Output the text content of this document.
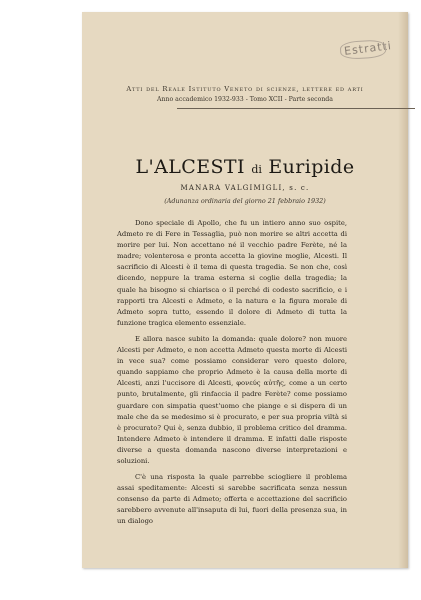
Estratti
Atti del Reale Istituto Veneto di scienze, lettere ed arti
Anno accademico 1932-933 - Tomo XCII - Parte seconda
L'ALCESTI di Euripide
MANARA VALGIMIGLI, s. c.
(Adunanza ordinaria del giorno 21 febbraio 1932)

Dono speciale di Apollo, che fu un intiero anno suo ospite, Admeto re di Fere in Tessaglia, può non morire se altri accetta di morire per lui. Non accettano né il vecchio padre Ferète, né la madre; volenterosa e pronta accetta la giovine moglie, Alcesti. Il sacrificio di Alcesti è il tema di questa tragedia. Se non che, così dicendo, neppure la trama esterna si coglie della tragedia; la quale ha bisogno si chiarisca o il perché di codesto sacrificio, e i rapporti tra Alcesti e Admeto, e la natura e la figura morale di Admeto sopra tutto, essendo il dolore di Admeto di tutta la funzione tragica elemento essenziale.

E allora nasce subito la domanda: quale dolore? non muore Alcesti per Admeto, e non accetta Admeto questa morte di Alcesti in vece sua? come possiamo considerar vero questo dolore, quando sappiamo che proprio Admeto è la causa della morte di Alcesti, anzi l'uccisore di Alcesti, φονεύς αὐτῆς, come a un certo punto, brutalmente, gli rinfaccia il padre Ferète? come possiamo guardare con simpatia quest'uomo che piange e si dispera di un male che da se medesimo si è procurato, e per sua propria viltà si è procurato? Qui è, senza dubbio, il problema critico del dramma. Intendere Admeto è intendere il dramma. E infatti dalle risposte diverse a questa domanda nascono diverse interpretazioni e soluzioni.

C'è una risposta la quale parrebbe sciogliere il problema assai speditamente: Alcesti si sarebbe sacrificata senza nessun consenso da parte di Admeto; offerta e accettazione del sacrificio sarebbero avvenute all'insaputa di lui, fuori della presenza sua, in un dialogo
